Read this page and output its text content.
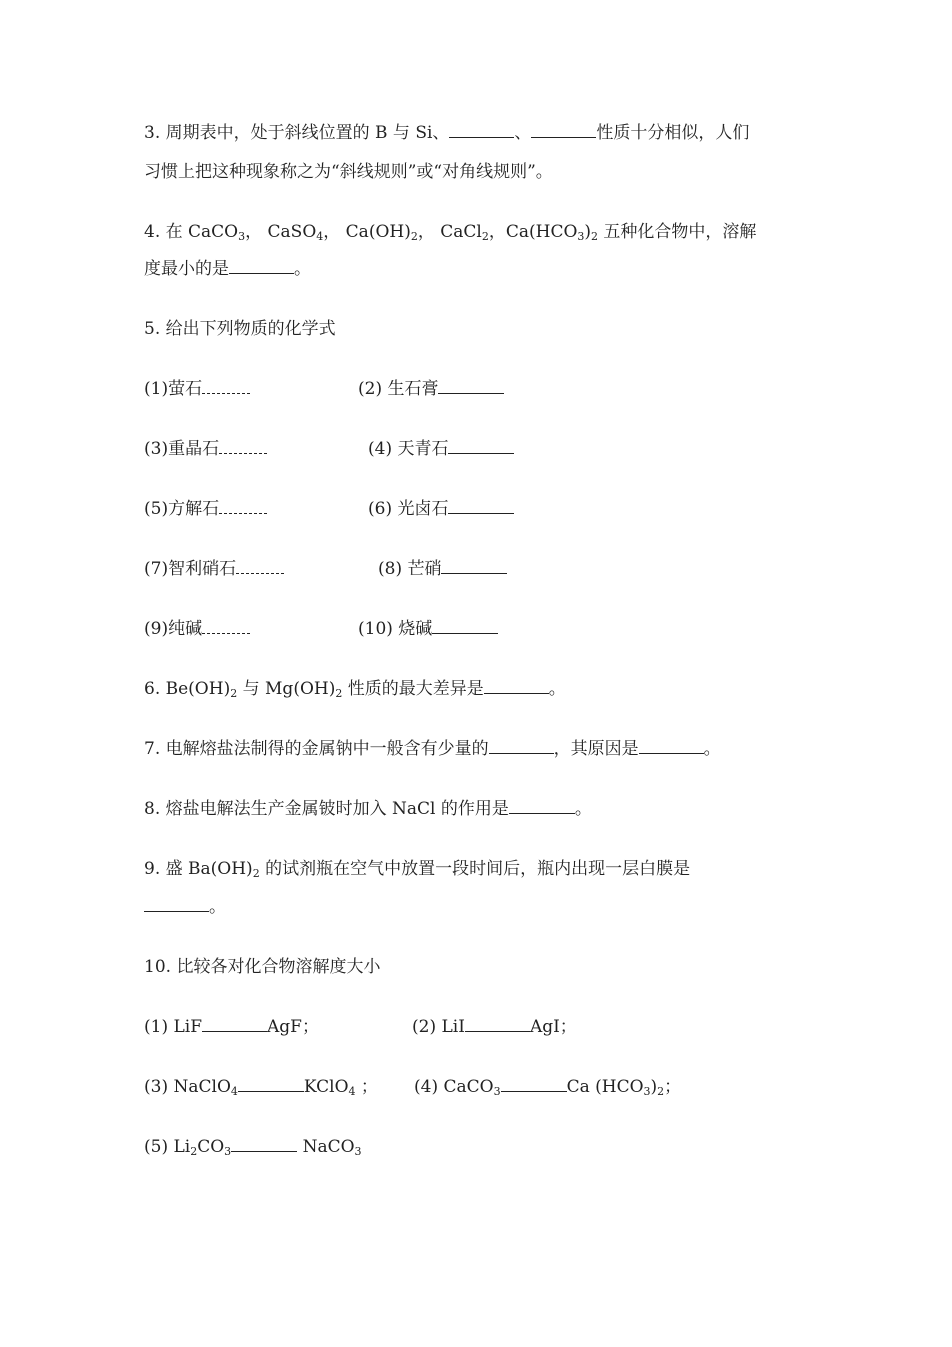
3. 周期表中，处于斜线位置的 B 与 Si、	、	性质十分相似，人们
习惯上把这种现象称之为“斜线规则”或“对角线规则”。
4. 在 CaCO$_3$， CaSO$_4$， $Ca(OH)_2$， CaCl$_2$，$Ca(HCO_3)_2$ 五种化合物中，溶解
度最小的是	。
5. 给出下列物质的化学式
(1)萤石	(2) 生石膏
(3)重晶石	(4) 天青石
(5)方解石	(6) 光卤石
(7)智利硝石	(8) 芒硝
(9)纯碱	(10) 烧碱
6. $Be(OH)_2$ 与 $Mg(OH)_2$ 性质的最大差异是	。
7. 电解熔盐法制得的金属钠中一般含有少量的	，其原因是	。
8. 熔盐电解法生产金属铍时加入 NaCl 的作用是	。
9. 盛 $Ba(OH)_2$ 的试剂瓶在空气中放置一段时间后，瓶内出现一层白膜是
。
10. 比较各对化合物溶解度大小
(1) LiF	AgF；	(2) LiI	AgI；
(3) NaClO$_4$	KClO$_4$ ； (4) CaCO$_3$	Ca $(HCO_3)_2$；
(5) $Li_2CO_3$	NaCO$_3$
